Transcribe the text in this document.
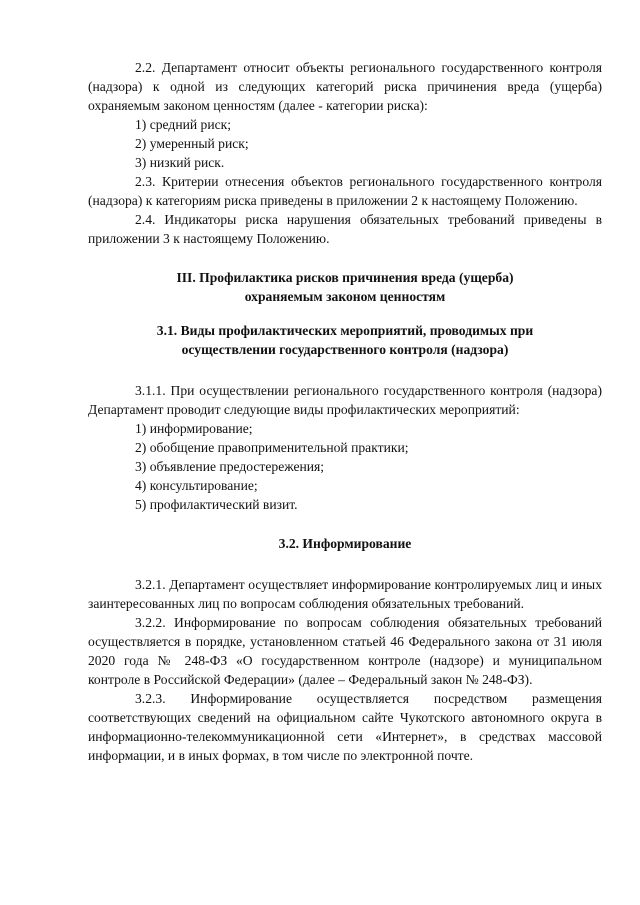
2.2. Департамент относит объекты регионального государственного контроля (надзора) к одной из следующих категорий риска причинения вреда (ущерба) охраняемым законом ценностям (далее - категории риска):

1) средний риск;

2) умеренный риск;

3) низкий риск.

2.3. Критерии отнесения объектов регионального государственного контроля (надзора) к категориям риска приведены в приложении 2 к настоящему Положению.

2.4. Индикаторы риска нарушения обязательных требований приведены в приложении 3 к настоящему Положению.

III. Профилактика рисков причинения вреда (ущерба)
охраняемым законом ценностям
3.1. Виды профилактических мероприятий, проводимых при
осуществлении государственного контроля (надзора)

3.1.1. При осуществлении регионального государственного контроля (надзора) Департамент проводит следующие виды профилактических мероприятий:

1) информирование;

2) обобщение правоприменительной практики;

3) объявление предостережения;

4) консультирование;

5) профилактический визит.

3.2. Информирование

3.2.1. Департамент осуществляет информирование контролируемых лиц и иных заинтересованных лиц по вопросам соблюдения обязательных требований.

3.2.2. Информирование по вопросам соблюдения обязательных требований осуществляется в порядке, установленном статьей 46 Федерального закона от 31 июля 2020 года № 248-ФЗ «О государственном контроле (надзоре) и муниципальном контроле в Российской Федерации» (далее – Федеральный закон № 248-ФЗ).

3.2.3. Информирование осуществляется посредством размещения соответствующих сведений на официальном сайте Чукотского автономного округа в информационно-телекоммуникационной сети «Интернет», в средствах массовой информации, и в иных формах, в том числе по электронной почте.
